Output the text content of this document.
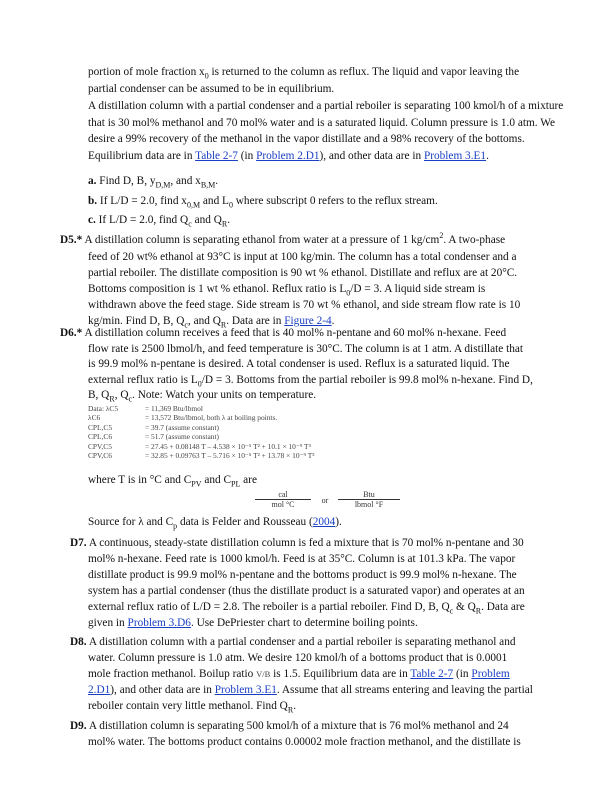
portion of mole fraction $x_0$ is returned to the column as reflux. The liquid and vapor leaving the
partial condenser can be assumed to be in equilibrium.
A distillation column with a partial condenser and a partial reboiler is separating 100 kmol/h of a mixture that is 30 mol% methanol and 70 mol% water and is a saturated liquid. Column pressure is 1.0 atm. We desire a 99% recovery of the methanol in the vapor distillate and a 98% recovery of the bottoms. Equilibrium data are in Table 2-7 (in Problem 2.D1), and other data are in Problem 3.E1.
a. Find D, B, $y_{D,M}$, and $x_{B,M}$.
b. If L/D = 2.0, find $x_{0,M}$ and $L_0$ where subscript 0 refers to the reflux stream.
c. If L/D = 2.0, find $Q_c$ and $Q_R$.
D5.* A distillation column is separating ethanol from water at a pressure of 1 $kg/cm^2$. A two-phase
feed of 20 wt% ethanol at 93°C is input at 100 kg/min. The column has a total condenser and a
partial reboiler. The distillate composition is 90 wt % ethanol. Distillate and reflux are at 20°C.
Bottoms composition is 1 wt % ethanol. Reflux ratio is $L_0/D = 3$. A liquid side stream is
withdrawn above the feed stage. Side stream is 70 wt % ethanol, and side stream flow rate is 10
kg/min. Find D, B, $Q_c$, and $Q_R$. Data are in Figure 2-4.
D6.* A distillation column receives a feed that is 40 mol% n-pentane and 60 mol% n-hexane. Feed
flow rate is 2500 lbmol/h, and feed temperature is 30°C. The column is at 1 atm. A distillate that
is 99.9 mol% n-pentane is desired. A total condenser is used. Reflux is a saturated liquid. The
external reflux ratio is $L_0/D = 3$. Bottoms from the partial reboiler is 99.8 mol% n-hexane. Find D,
B, $Q_R$, $Q_c$. Note: Watch your units on temperature.
Data: λC5	= 11,369 Btu/lbmol
λC6	= 13,572 Btu/lbmol, both λ at boiling points.
CPL,C5	= 39.7 (assume constant)
CPL,C6	= 51.7 (assume constant)
CPV,C5	= 27.45 + 0.08148 T – 4.538 × 10⁻⁵ T² + 10.1 × 10⁻⁹ T³
CPV,C6	= 32.85 + 0.09763 T – 5.716 × 10⁻⁵ T² + 13.78 × 10⁻⁹ T³
where T is in °C and $C_{PV}$ and $C_{PL}$ are
cal
mol °C	or
Btu
lbmol °F
Source for λ and $C_p$ data is Felder and Rousseau (2004).
D7. A continuous, steady-state distillation column is fed a mixture that is 70 mol% n-pentane and 30
mol% n-hexane. Feed rate is 1000 kmol/h. Feed is at 35°C. Column is at 101.3 kPa. The vapor
distillate product is 99.9 mol% n-pentane and the bottoms product is 99.9 mol% n-hexane. The
system has a partial condenser (thus the distillate product is a saturated vapor) and operates at an
external reflux ratio of L/D = 2.8. The reboiler is a partial reboiler. Find D, B, $Q_c$ & $Q_R$. Data are
given in Problem 3.D6. Use DePriester chart to determine boiling points.
D8. A distillation column with a partial condenser and a partial reboiler is separating methanol and
water. Column pressure is 1.0 atm. We desire 120 kmol/h of a bottoms product that is 0.0001
mole fraction methanol. Boilup ratio V/B is 1.5. Equilibrium data are in Table 2-7 (in Problem
2.D1), and other data are in Problem 3.E1. Assume that all streams entering and leaving the partial
reboiler contain very little methanol. Find $Q_R$.
D9. A distillation column is separating 500 kmol/h of a mixture that is 76 mol% methanol and 24
mol% water. The bottoms product contains 0.00002 mole fraction methanol, and the distillate is
